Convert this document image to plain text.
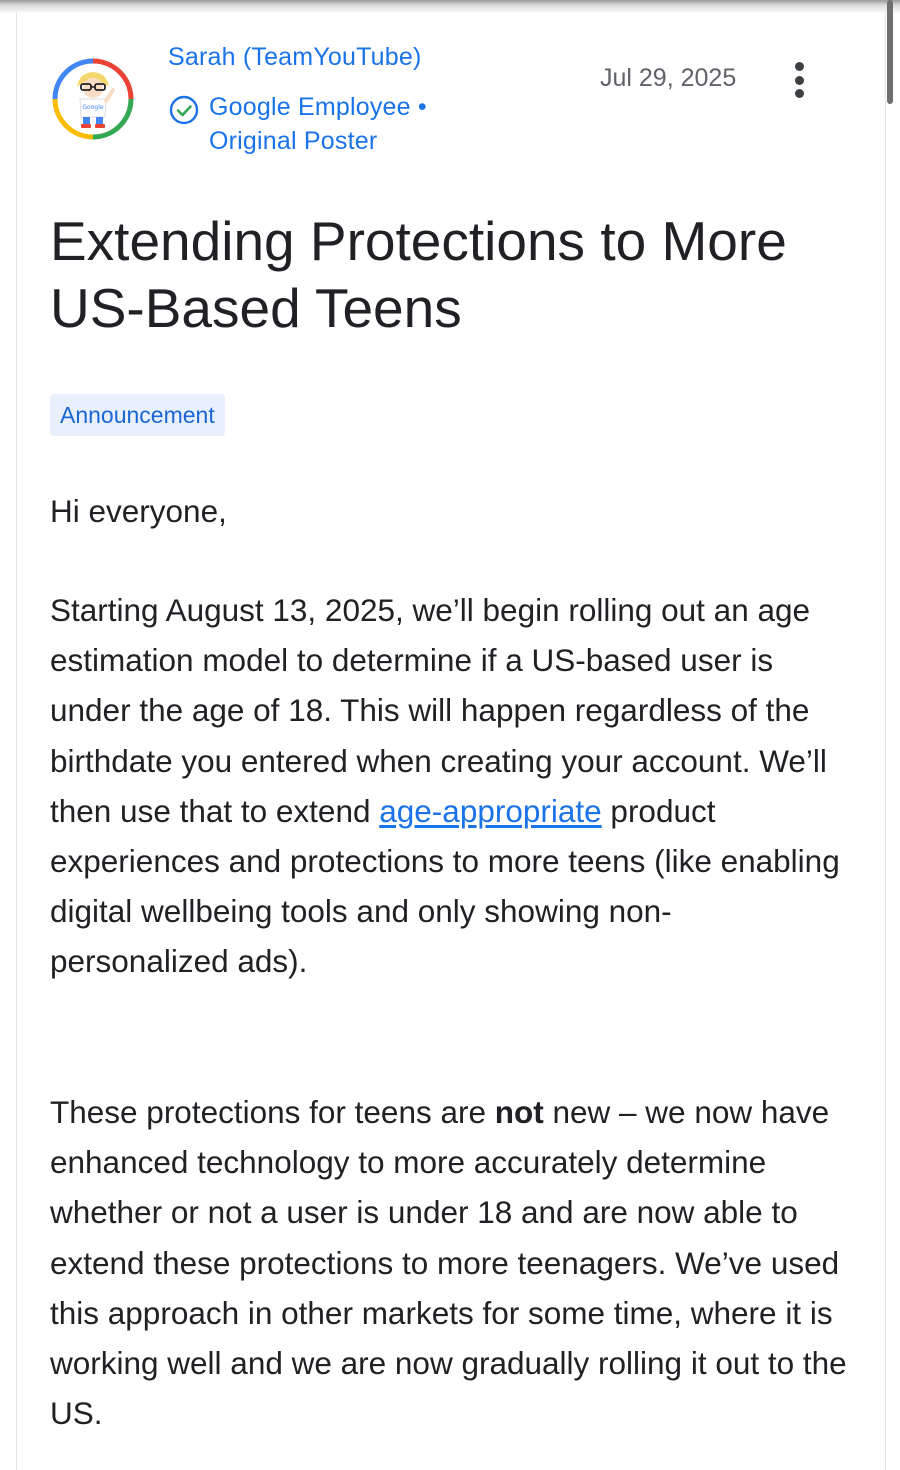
Google
Sarah (TeamYouTube)
Google Employee •
Original Poster
Jul 29, 2025
Extending Protections to More US-Based Teens
Announcement

Hi everyone,

Starting August 13, 2025, we’ll begin rolling out an age estimation model to determine if a US-based user is under the age of 18. This will happen regardless of the birthdate you entered when creating your account. We’ll then use that to extend age-appropriate product experiences and protections to more teens (like enabling digital wellbeing tools and only showing non-personalized ads).

These protections for teens are not new – we now have enhanced technology to more accurately determine whether or not a user is under 18 and are now able to extend these protections to more teenagers. We’ve used this approach in other markets for some time, where it is working well and we are now gradually rolling it out to the US.
